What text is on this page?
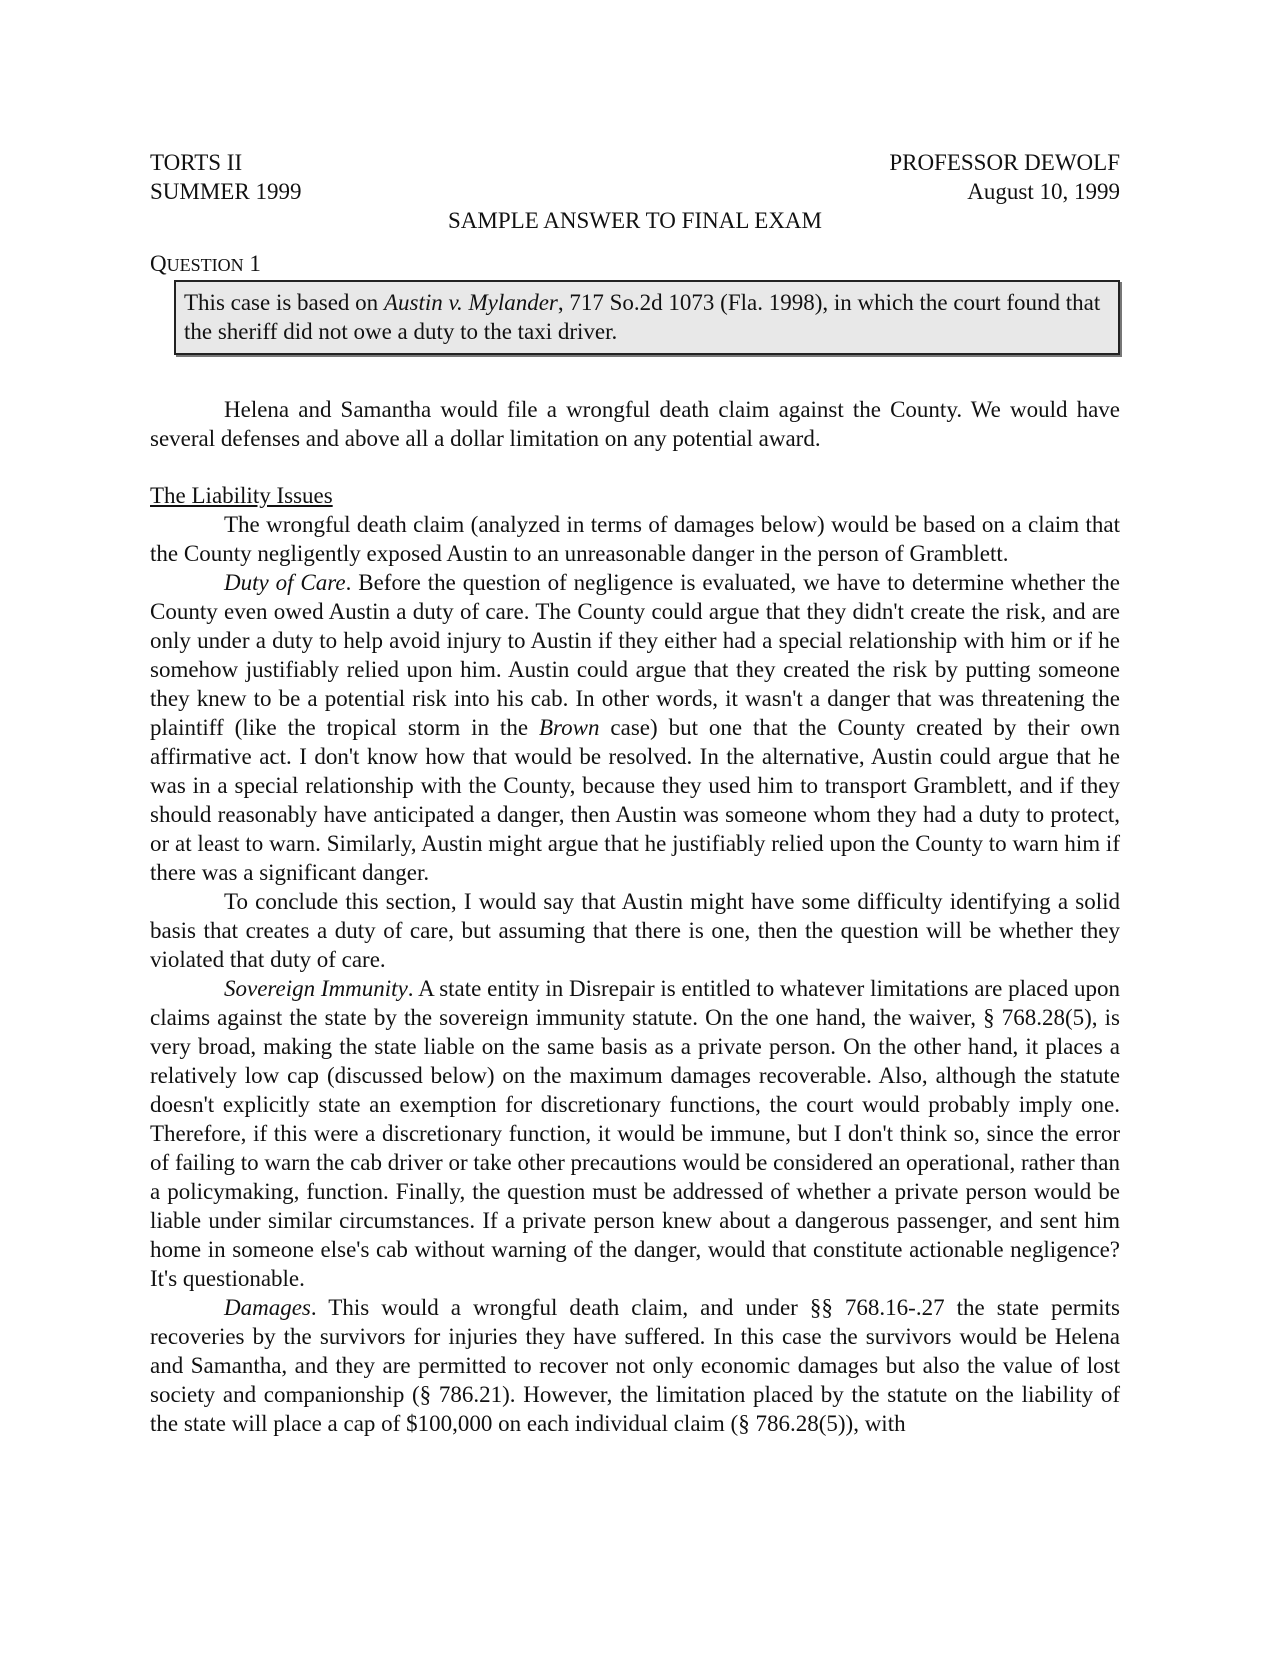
TORTS II	PROFESSOR DEWOLF
SUMMER 1999	August 10, 1999
SAMPLE ANSWER TO FINAL EXAM
QUESTION 1
This case is based on Austin v. Mylander, 717 So.2d 1073 (Fla. 1998), in which the court found that the sheriff did not owe a duty to the taxi driver.

Helena and Samantha would file a wrongful death claim against the County. We would have several defenses and above all a dollar limitation on any potential award.

The Liability Issues

The wrongful death claim (analyzed in terms of damages below) would be based on a claim that the County negligently exposed Austin to an unreasonable danger in the person of Gramblett.

Duty of Care. Before the question of negligence is evaluated, we have to determine whether the County even owed Austin a duty of care. The County could argue that they didn't create the risk, and are only under a duty to help avoid injury to Austin if they either had a special relationship with him or if he somehow justifiably relied upon him. Austin could argue that they created the risk by putting someone they knew to be a potential risk into his cab. In other words, it wasn't a danger that was threatening the plaintiff (like the tropical storm in the Brown case) but one that the County created by their own affirmative act. I don't know how that would be resolved. In the alternative, Austin could argue that he was in a special relationship with the County, because they used him to transport Gramblett, and if they should reasonably have anticipated a danger, then Austin was someone whom they had a duty to protect, or at least to warn. Similarly, Austin might argue that he justifiably relied upon the County to warn him if there was a significant danger.

To conclude this section, I would say that Austin might have some difficulty identifying a solid basis that creates a duty of care, but assuming that there is one, then the question will be whether they violated that duty of care.

Sovereign Immunity. A state entity in Disrepair is entitled to whatever limitations are placed upon claims against the state by the sovereign immunity statute. On the one hand, the waiver, § 768.28(5), is very broad, making the state liable on the same basis as a private person. On the other hand, it places a relatively low cap (discussed below) on the maximum damages recoverable. Also, although the statute doesn't explicitly state an exemption for discretionary functions, the court would probably imply one. Therefore, if this were a discretionary function, it would be immune, but I don't think so, since the error of failing to warn the cab driver or take other precautions would be considered an operational, rather than a policymaking, function. Finally, the question must be addressed of whether a private person would be liable under similar circumstances. If a private person knew about a dangerous passenger, and sent him home in someone else's cab without warning of the danger, would that constitute actionable negligence? It's questionable.

Damages. This would a wrongful death claim, and under §§ 768.16-.27 the state permits recoveries by the survivors for injuries they have suffered. In this case the survivors would be Helena and Samantha, and they are permitted to recover not only economic damages but also the value of lost society and companionship (§ 786.21). However, the limitation placed by the statute on the liability of the state will place a cap of $100,000 on each individual claim (§ 786.28(5)), with
